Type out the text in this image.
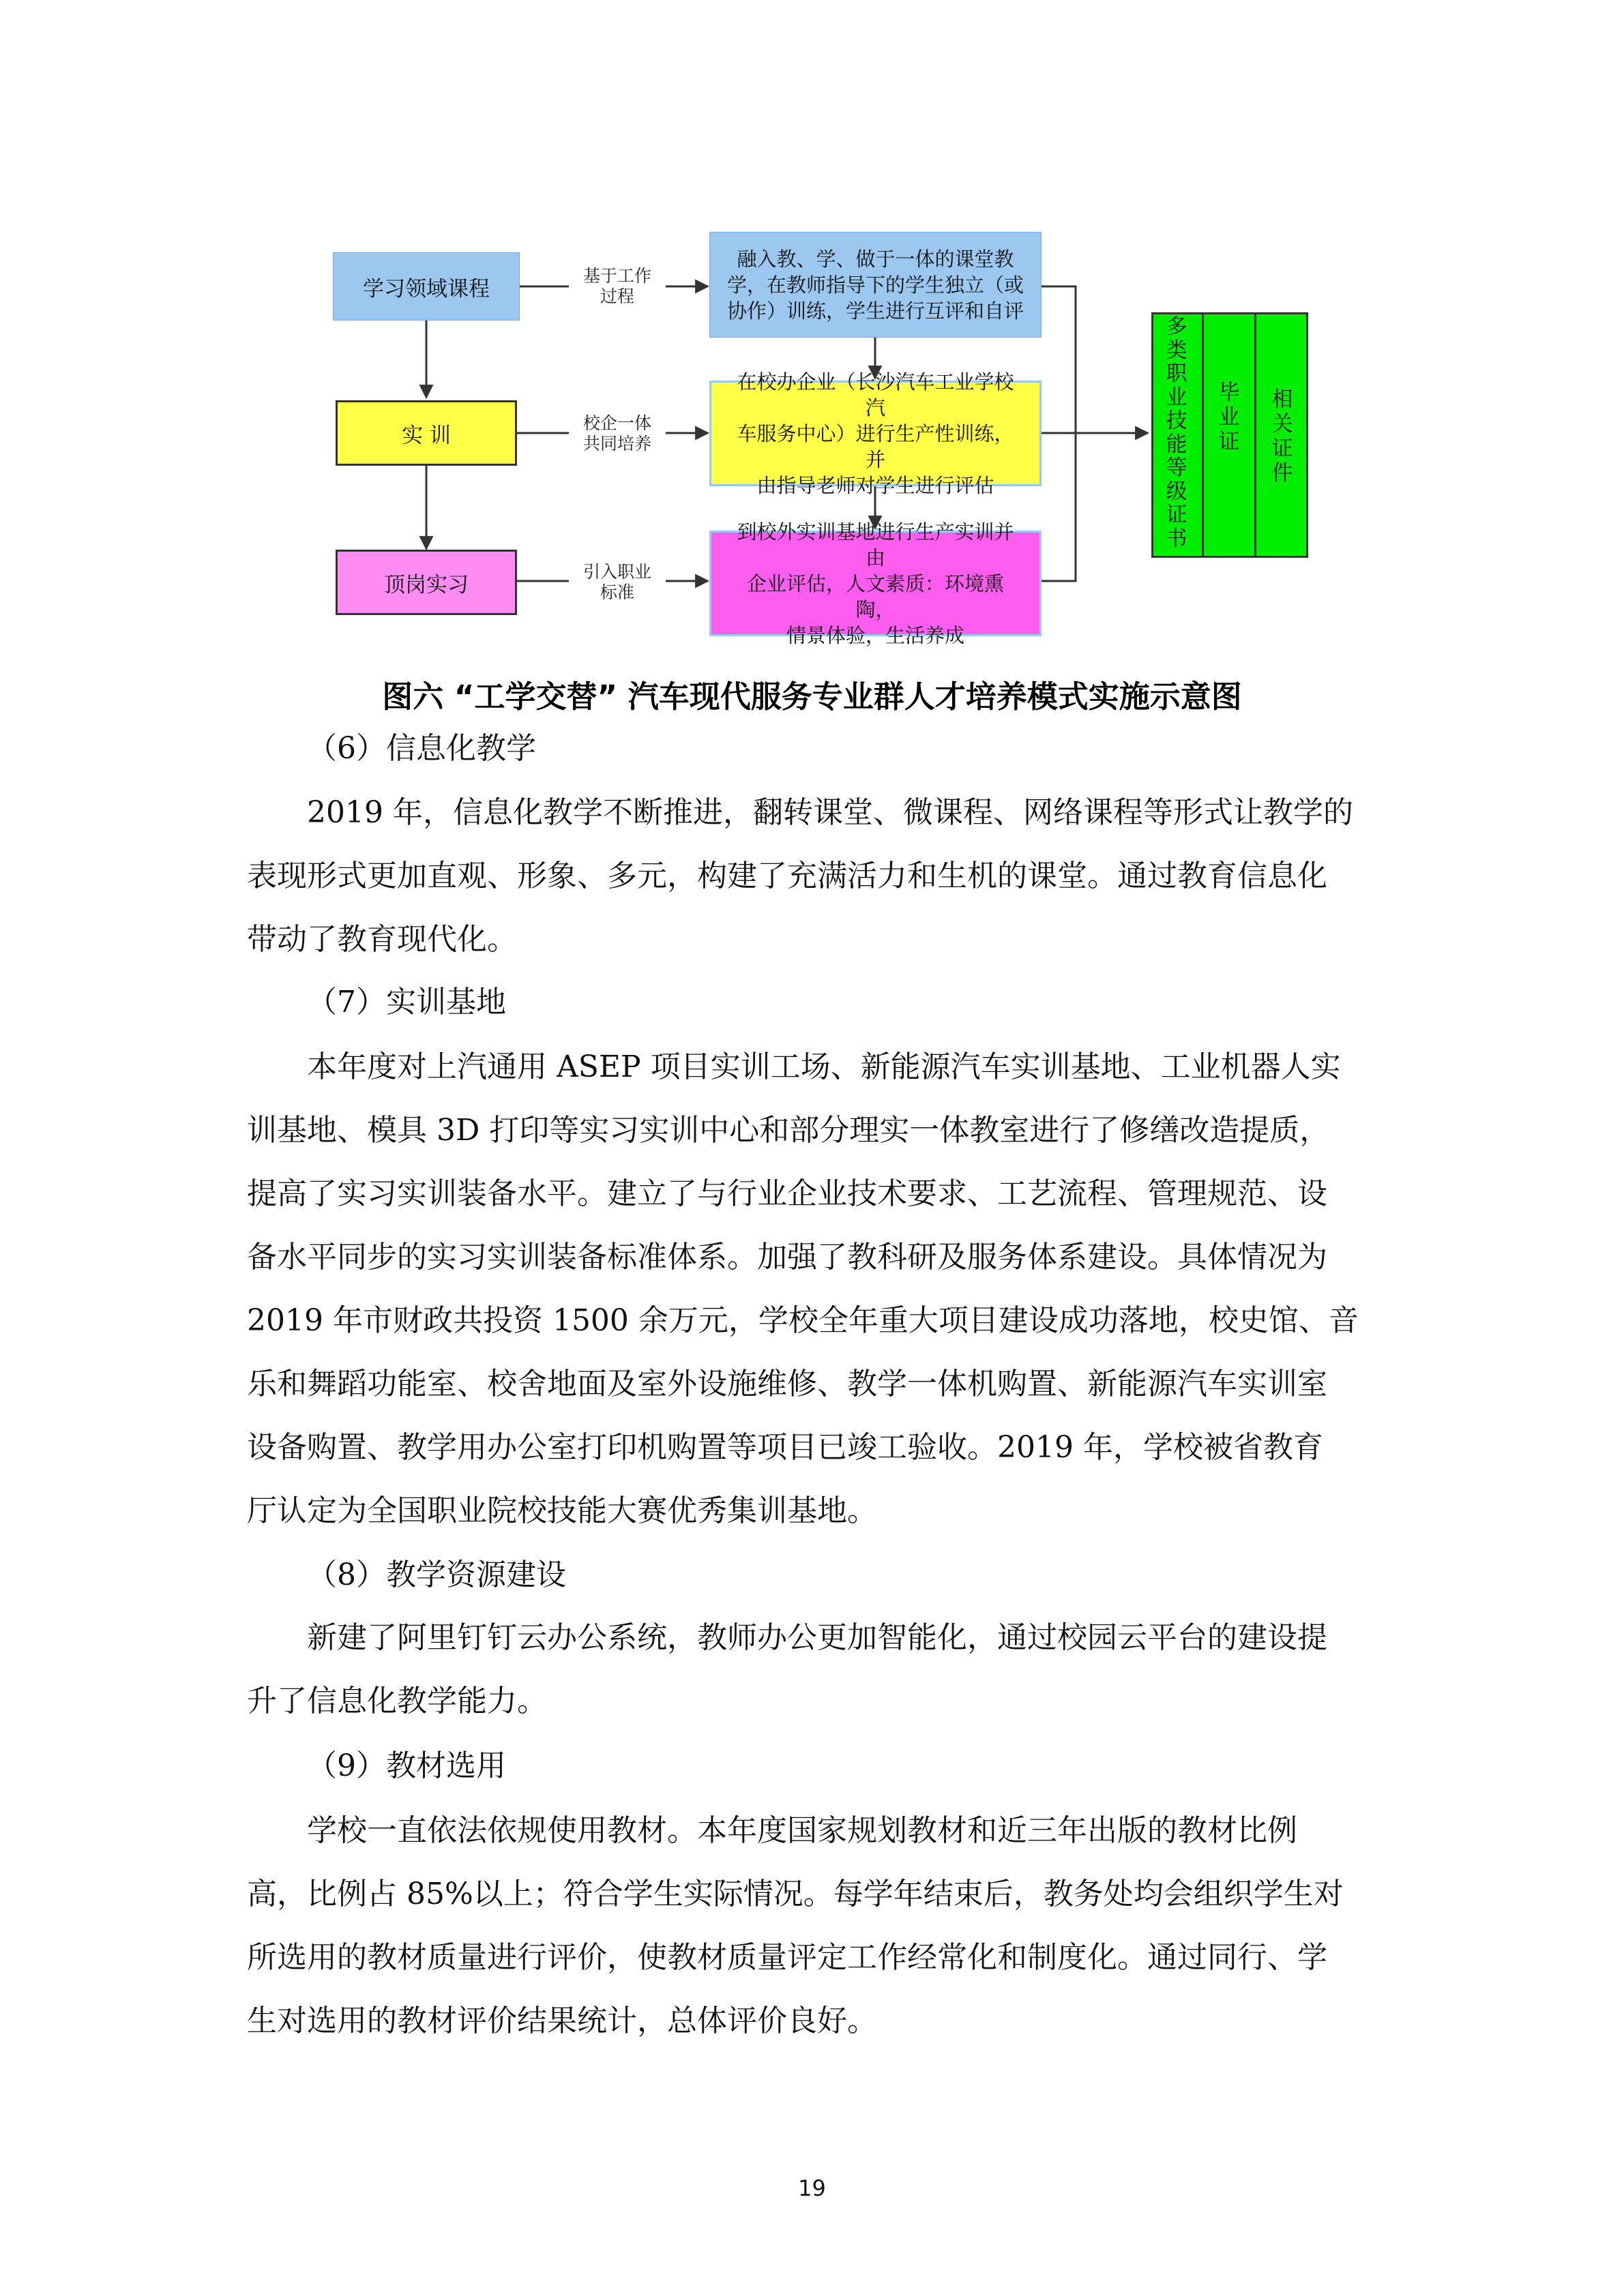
学习领域课程
实 训
顶岗实习
基于工作
过程
校企一体
共同培养
引入职业
标准
融入教、学、做于一体的课堂教
学，在教师指导下的学生独立（或
协作）训练，学生进行互评和自评
在校办企业（长沙汽车工业学校汽
车服务中心）进行生产性训练，并
由指导老师对学生进行评估
到校外实训基地进行生产实训并由
企业评估，人文素质：环境熏陶，
情景体验，生活养成
多
类
职
业
技
能
等
级
证
书
毕
业
证
相
关
证
件
图六 “工学交替” 汽车现代服务专业群人才培养模式实施示意图

（6）信息化教学

2019 年，信息化教学不断推进，翻转课堂、微课程、网络课程等形式让教学的
表现形式更加直观、形象、多元，构建了充满活力和生机的课堂。通过教育信息化
带动了教育现代化。

（7）实训基地

本年度对上汽通用 ASEP 项目实训工场、新能源汽车实训基地、工业机器人实
训基地、模具 3D 打印等实习实训中心和部分理实一体教室进行了修缮改造提质，
提高了实习实训装备水平。建立了与行业企业技术要求、工艺流程、管理规范、设
备水平同步的实习实训装备标准体系。加强了教科研及服务体系建设。具体情况为
2019 年市财政共投资 1500 余万元，学校全年重大项目建设成功落地，校史馆、音
乐和舞蹈功能室、校舍地面及室外设施维修、教学一体机购置、新能源汽车实训室
设备购置、教学用办公室打印机购置等项目已竣工验收。2019 年，学校被省教育
厅认定为全国职业院校技能大赛优秀集训基地。

（8）教学资源建设

新建了阿里钉钉云办公系统，教师办公更加智能化，通过校园云平台的建设提
升了信息化教学能力。

（9）教材选用

学校一直依法依规使用教材。本年度国家规划教材和近三年出版的教材比例
高，比例占 85%以上；符合学生实际情况。每学年结束后，教务处均会组织学生对
所选用的教材质量进行评价，使教材质量评定工作经常化和制度化。通过同行、学
生对选用的教材评价结果统计，总体评价良好。
19
